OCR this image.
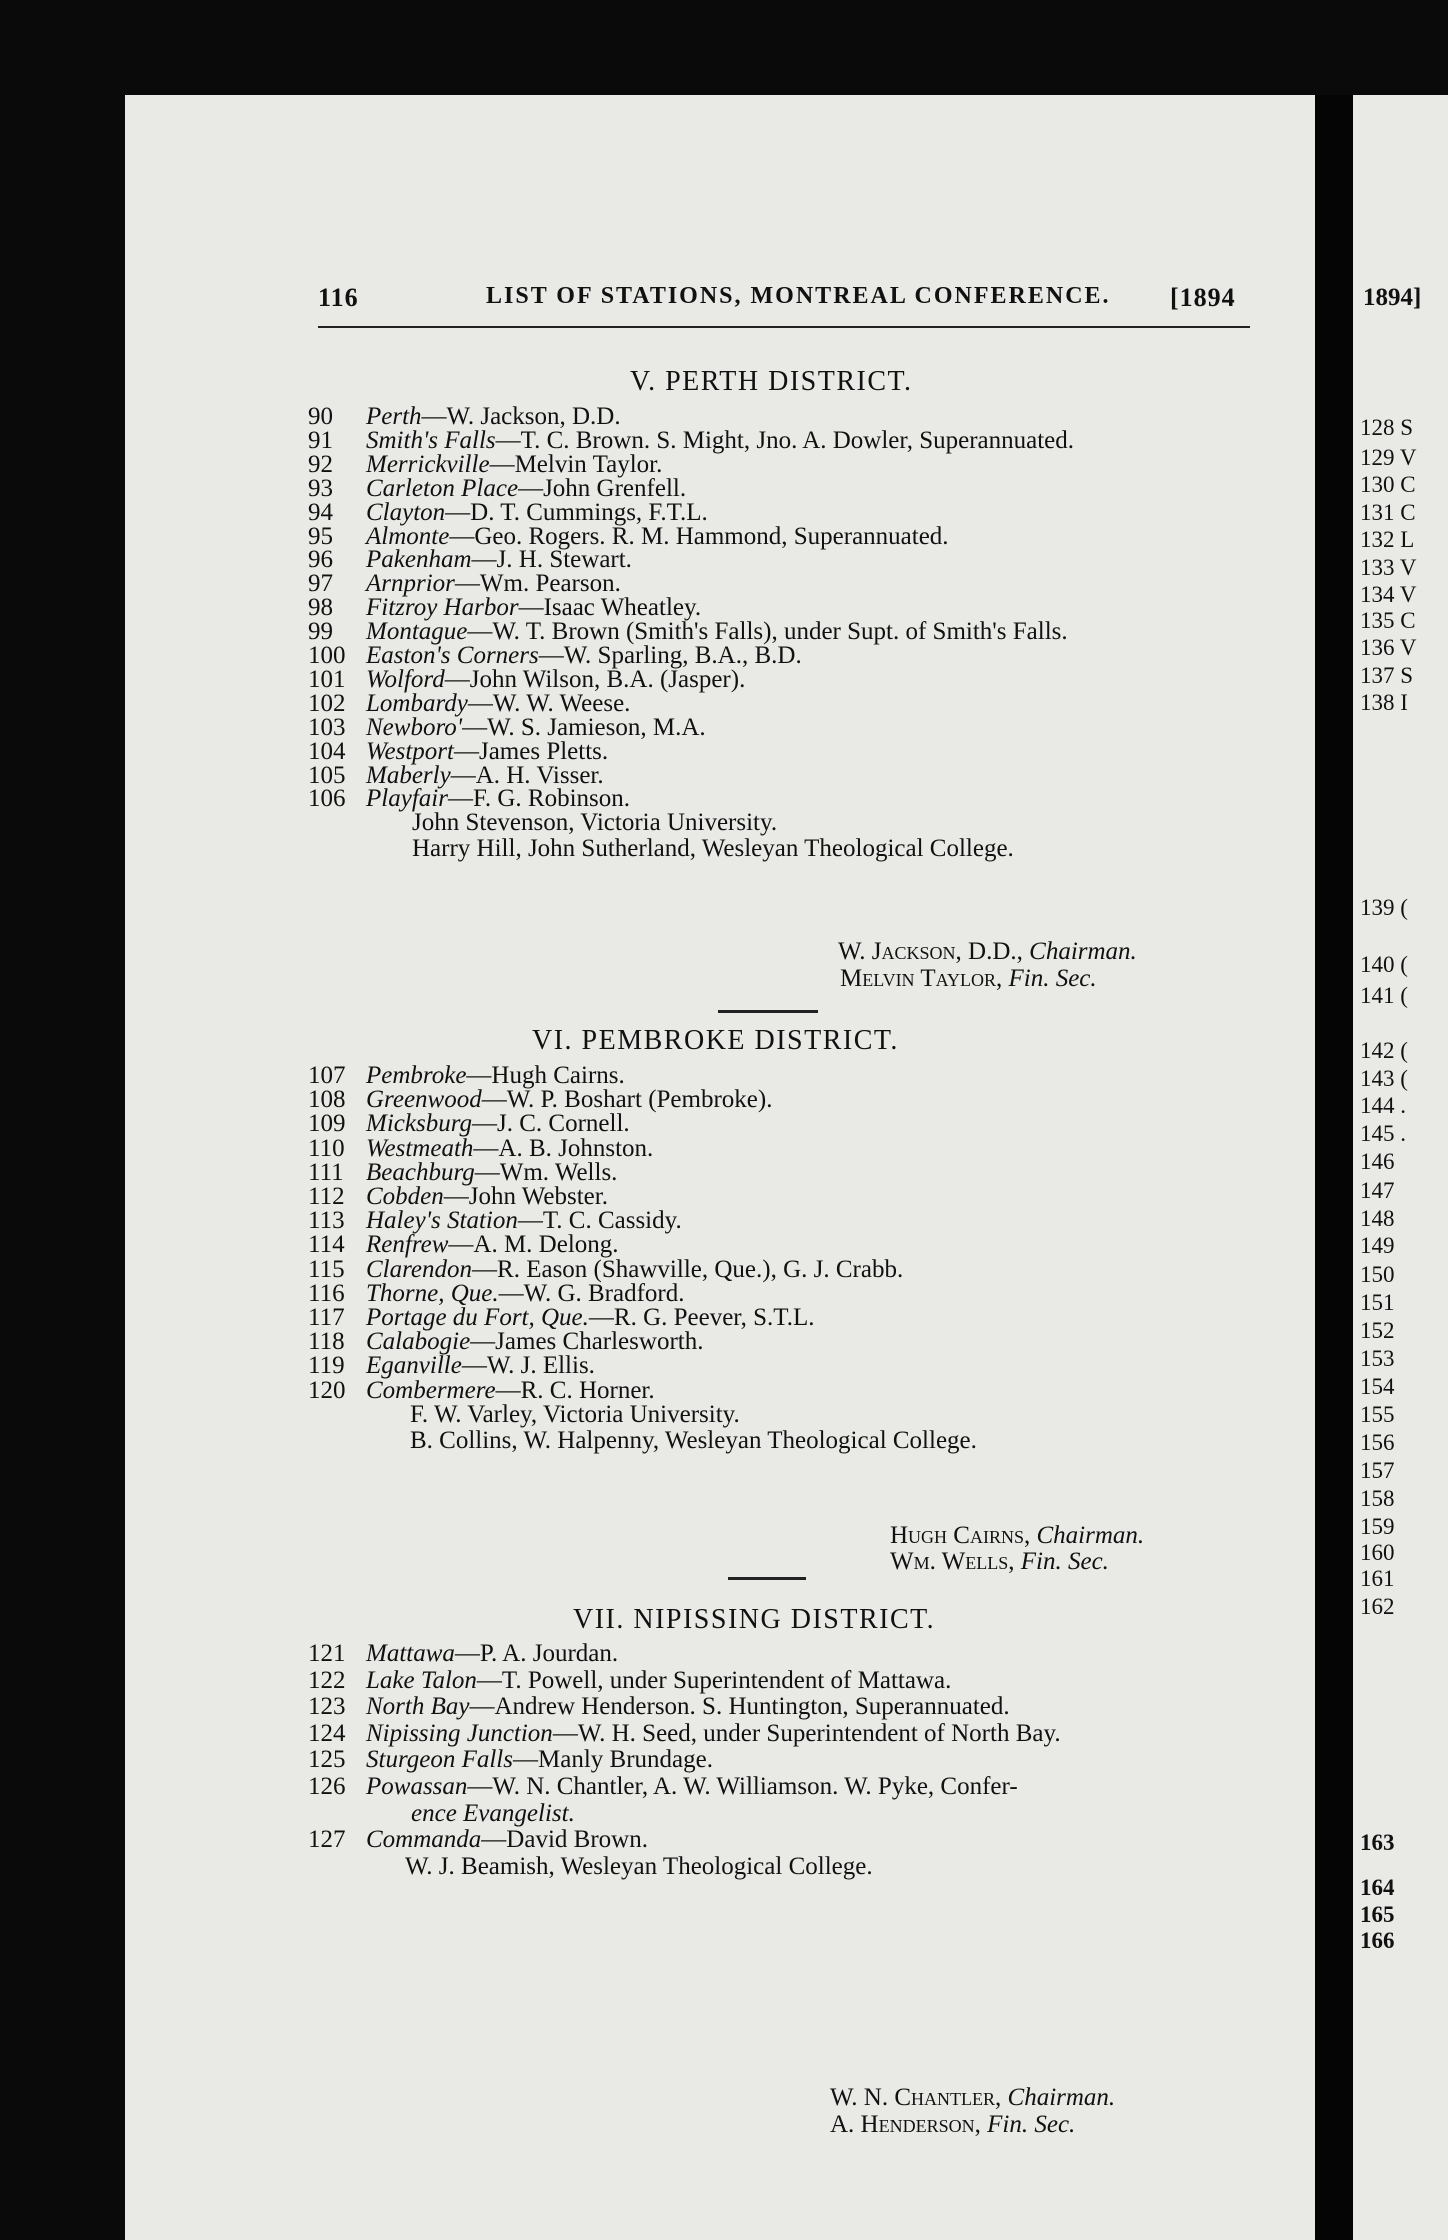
1894]
128 S
129 V
130 C
131 C
132 L
133 V
134 V
135 C
136 V
137 S
138 I
139 (
140 (
141 (
142 (
143 (
144 .
145 .
146
147
148
149
150
151
152
153
154
155
156
157
158
159
160
161
162
163
164
165
166
116	LIST OF STATIONS, MONTREAL CONFERENCE. [1894
V. PERTH DISTRICT.
90 Perth—W. Jackson, D.D.
91 Smith's Falls—T. C. Brown. S. Might, Jno. A. Dowler, Superannuated.
92 Merrickville—Melvin Taylor.
93 Carleton Place—John Grenfell.
94 Clayton—D. T. Cummings, F.T.L.
95 Almonte—Geo. Rogers. R. M. Hammond, Superannuated.
96 Pakenham—J. H. Stewart.
97 Arnprior—Wm. Pearson.
98 Fitzroy Harbor—Isaac Wheatley.
99 Montague—W. T. Brown (Smith's Falls), under Supt. of Smith's Falls.
100 Easton's Corners—W. Sparling, B.A., B.D.
101 Wolford—John Wilson, B.A. (Jasper).
102 Lombardy—W. W. Weese.
103 Newboro'—W. S. Jamieson, M.A.
104 Westport—James Pletts.
105 Maberly—A. H. Visser.
106 Playfair—F. G. Robinson.
John Stevenson, Victoria University.
Harry Hill, John Sutherland, Wesleyan Theological College.
W. Jackson, D.D., Chairman.
Melvin Taylor, Fin. Sec.
VI. PEMBROKE DISTRICT.
107 Pembroke—Hugh Cairns.
108 Greenwood—W. P. Boshart (Pembroke).
109 Micksburg—J. C. Cornell.
110 Westmeath—A. B. Johnston.
111 Beachburg—Wm. Wells.
112 Cobden—John Webster.
113 Haley's Station—T. C. Cassidy.
114 Renfrew—A. M. Delong.
115 Clarendon—R. Eason (Shawville, Que.), G. J. Crabb.
116 Thorne, Que.—W. G. Bradford.
117 Portage du Fort, Que.—R. G. Peever, S.T.L.
118 Calabogie—James Charlesworth.
119 Eganville—W. J. Ellis.
120 Combermere—R. C. Horner.
F. W. Varley, Victoria University.
B. Collins, W. Halpenny, Wesleyan Theological College.
Hugh Cairns, Chairman.
Wm. Wells, Fin. Sec.
VII. NIPISSING DISTRICT.
121 Mattawa—P. A. Jourdan.
122 Lake Talon—T. Powell, under Superintendent of Mattawa.
123 North Bay—Andrew Henderson. S. Huntington, Superannuated.
124 Nipissing Junction—W. H. Seed, under Superintendent of North Bay.
125 Sturgeon Falls—Manly Brundage.
126 Powassan—W. N. Chantler, A. W. Williamson. W. Pyke, Confer-
ence Evangelist.
127 Commanda—David Brown.
W. J. Beamish, Wesleyan Theological College.
W. N. Chantler, Chairman.
A. Henderson, Fin. Sec.
